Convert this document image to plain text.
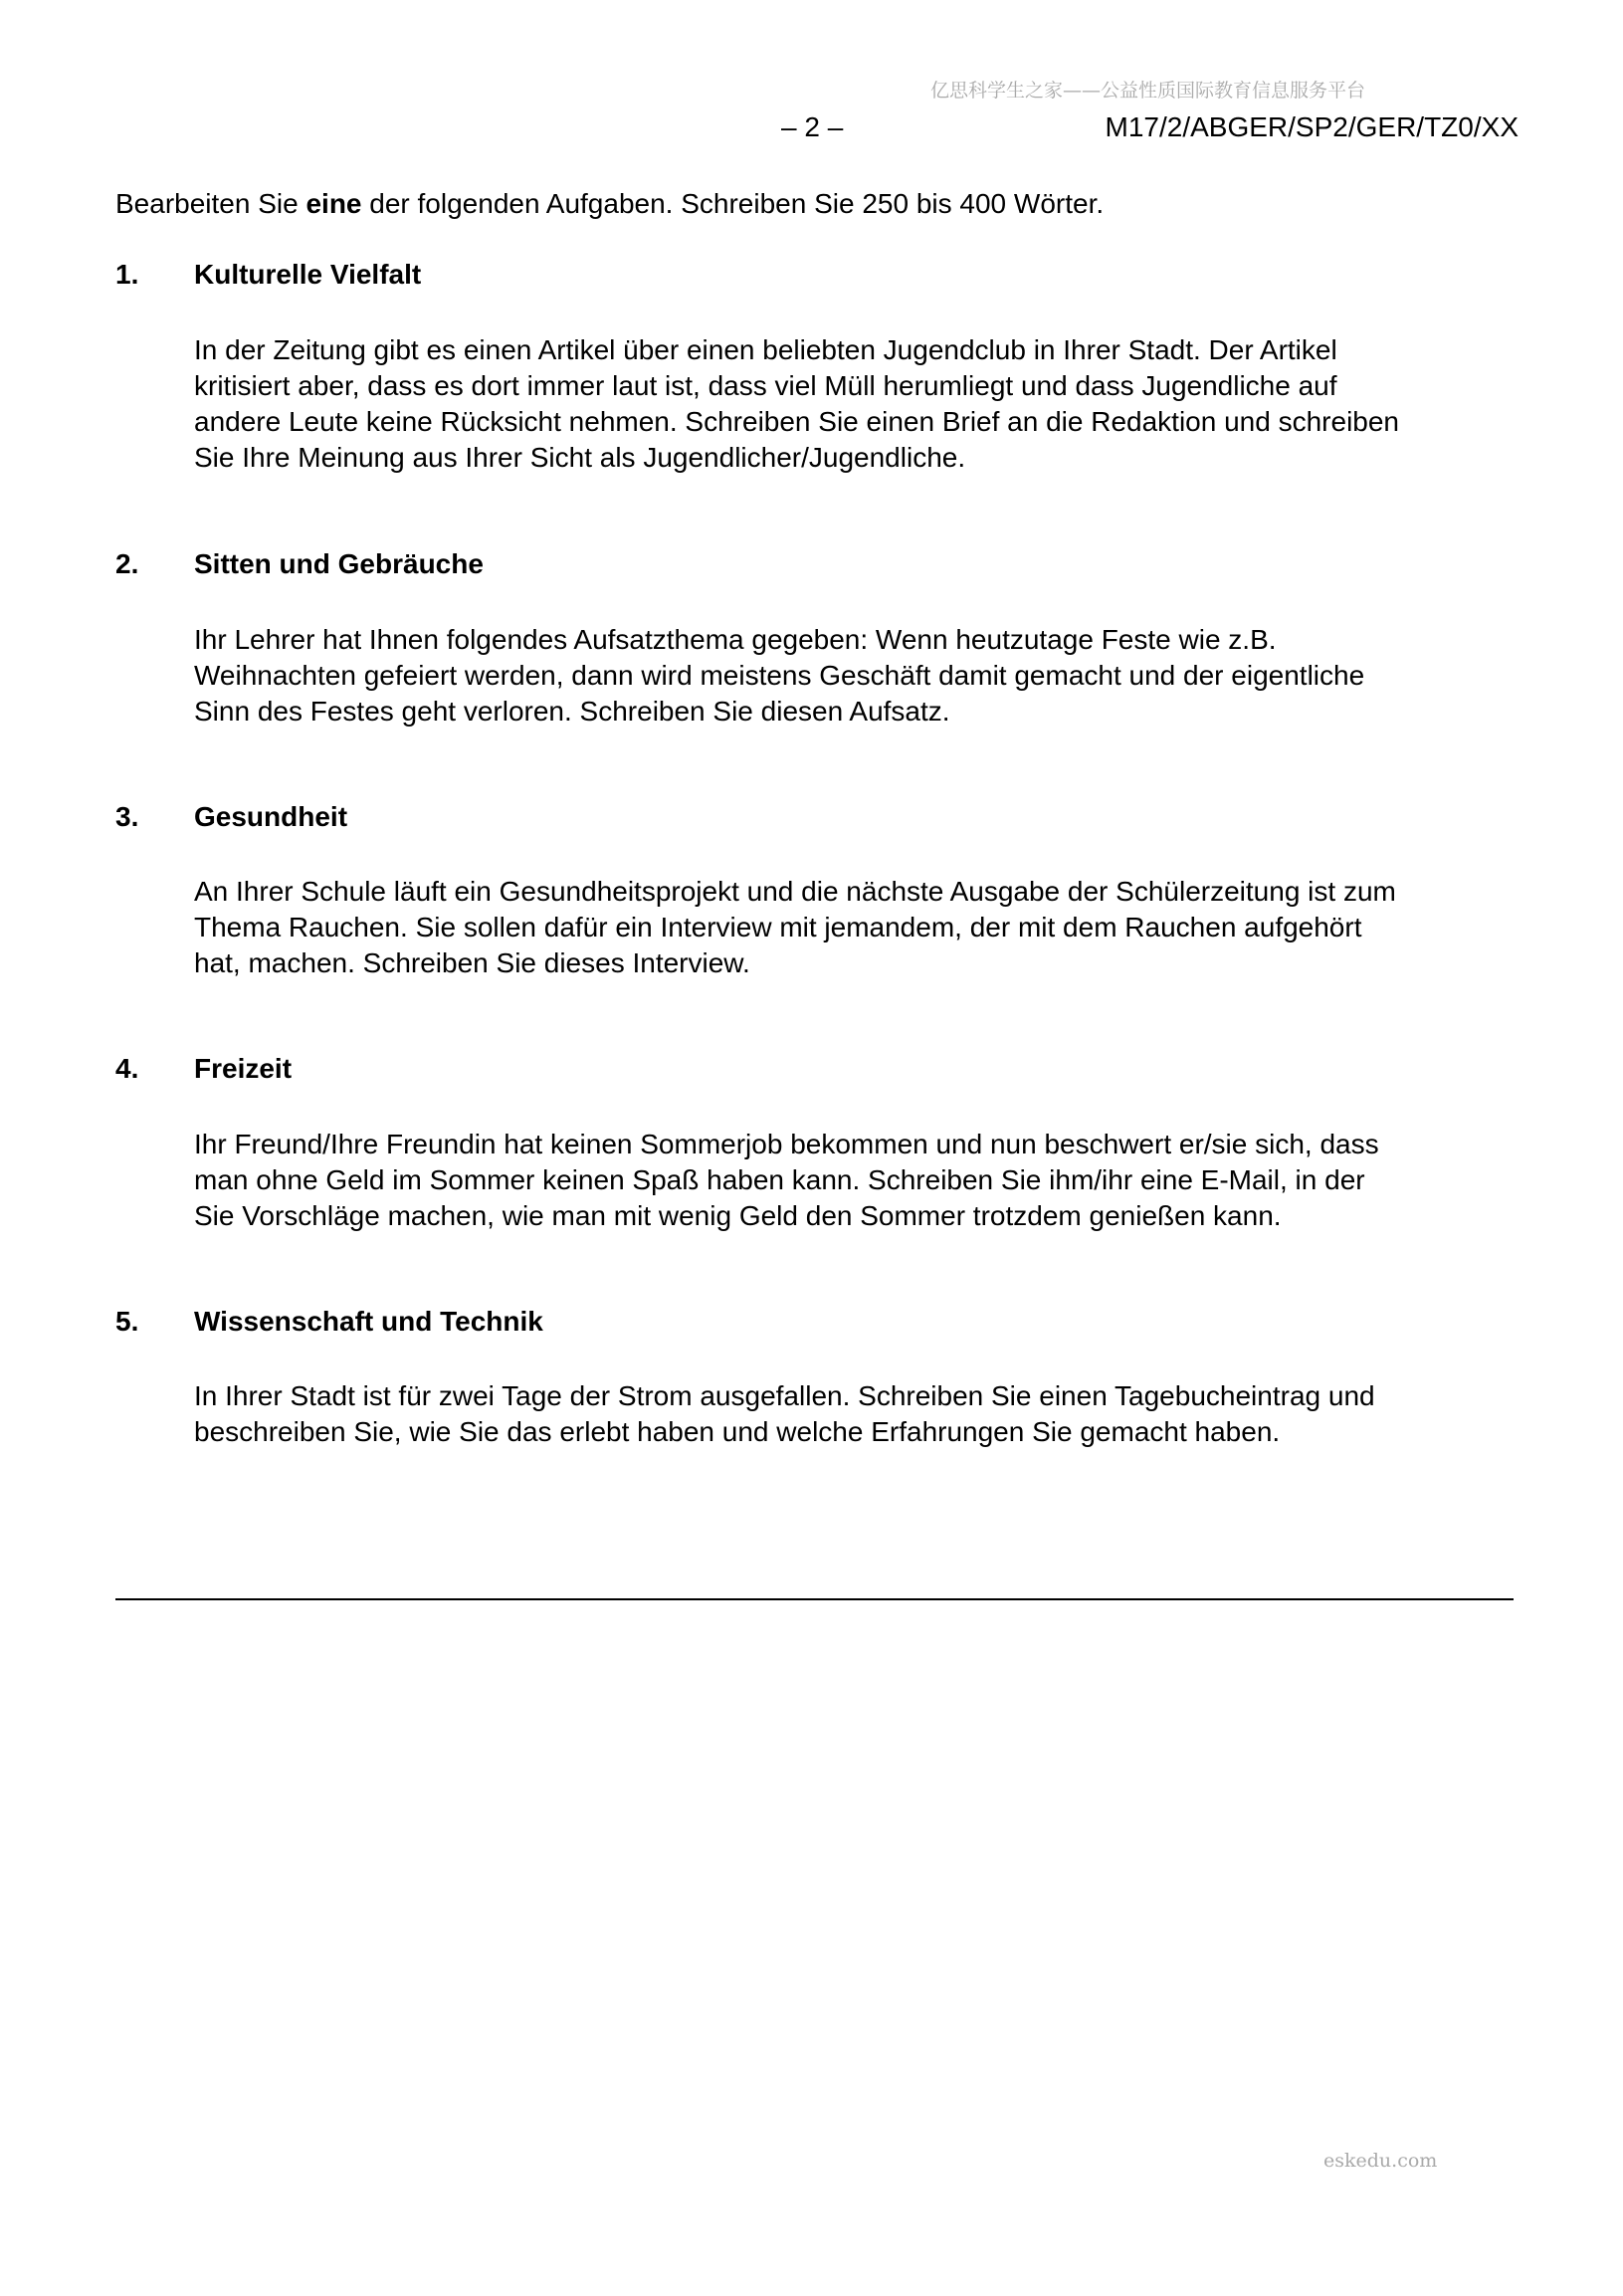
亿思科学生之家——公益性质国际教育信息服务平台
– 2 –	M17/2/ABGER/SP2/GER/TZ0/XX
Bearbeiten Sie eine der folgenden Aufgaben. Schreiben Sie 250 bis 400 Wörter.
1. Kulturelle Vielfalt
In der Zeitung gibt es einen Artikel über einen beliebten Jugendclub in Ihrer Stadt. Der Artikel
kritisiert aber, dass es dort immer laut ist, dass viel Müll herumliegt und dass Jugendliche auf
andere Leute keine Rücksicht nehmen. Schreiben Sie einen Brief an die Redaktion und schreiben
Sie Ihre Meinung aus Ihrer Sicht als Jugendlicher/Jugendliche.
2. Sitten und Gebräuche
Ihr Lehrer hat Ihnen folgendes Aufsatzthema gegeben: Wenn heutzutage Feste wie z.B.
Weihnachten gefeiert werden, dann wird meistens Geschäft damit gemacht und der eigentliche
Sinn des Festes geht verloren. Schreiben Sie diesen Aufsatz.
3. Gesundheit
An Ihrer Schule läuft ein Gesundheitsprojekt und die nächste Ausgabe der Schülerzeitung ist zum
Thema Rauchen. Sie sollen dafür ein Interview mit jemandem, der mit dem Rauchen aufgehört
hat, machen. Schreiben Sie dieses Interview.
4. Freizeit
Ihr Freund/Ihre Freundin hat keinen Sommerjob bekommen und nun beschwert er/sie sich, dass
man ohne Geld im Sommer keinen Spaß haben kann. Schreiben Sie ihm/ihr eine E-Mail, in der
Sie Vorschläge machen, wie man mit wenig Geld den Sommer trotzdem genießen kann.
5. Wissenschaft und Technik
In Ihrer Stadt ist für zwei Tage der Strom ausgefallen. Schreiben Sie einen Tagebucheintrag und
beschreiben Sie, wie Sie das erlebt haben und welche Erfahrungen Sie gemacht haben.
eskedu.com
